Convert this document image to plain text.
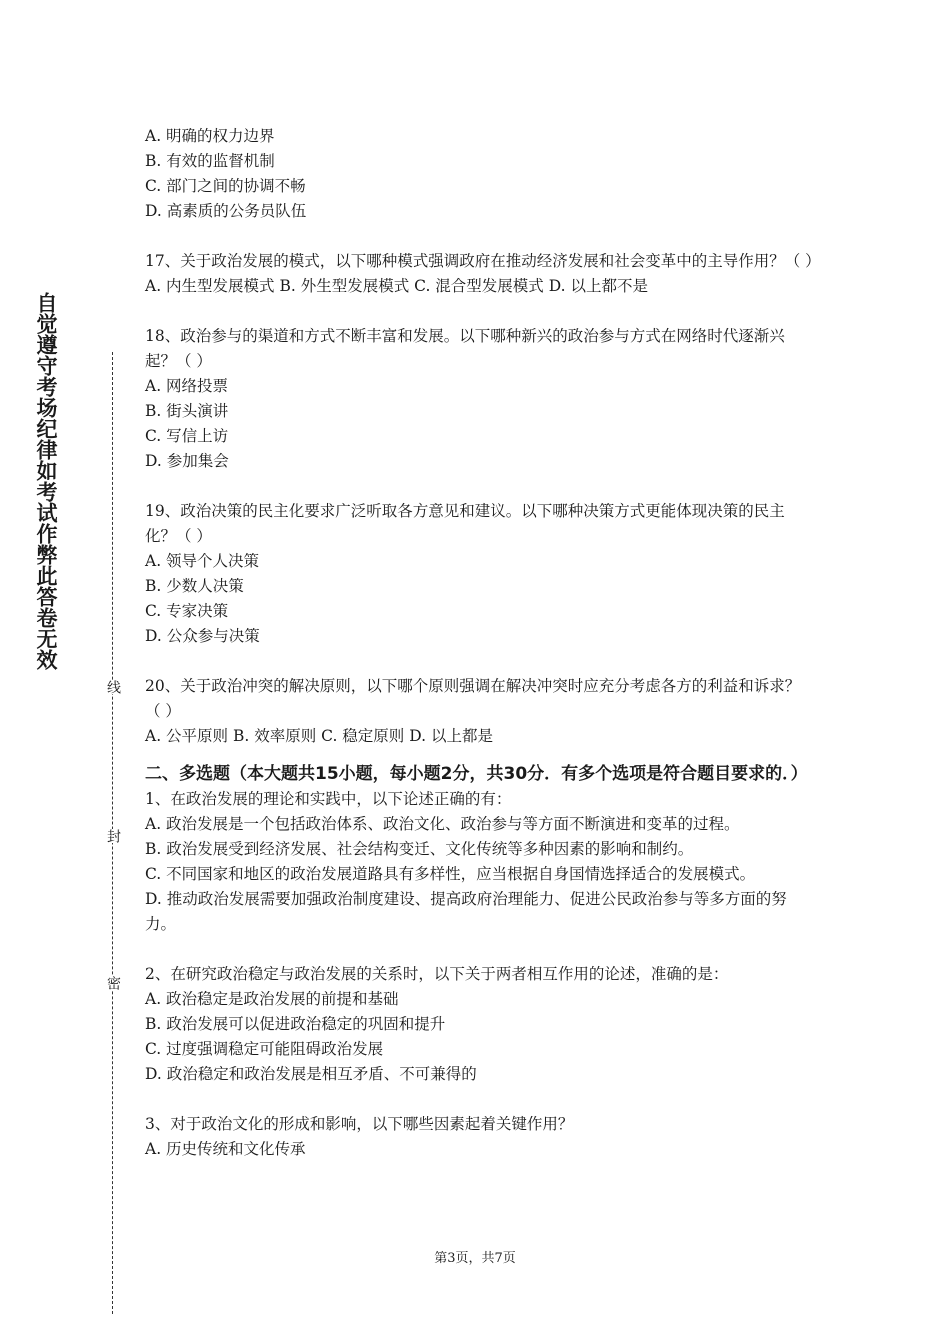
自觉遵守考场纪律如考试作弊此答卷无效
线
封
密
A. 明确的权力边界
B. 有效的监督机制
C. 部门之间的协调不畅
D. 高素质的公务员队伍
17、关于政治发展的模式，以下哪种模式强调政府在推动经济发展和社会变革中的主导作用？（ ）
A. 内生型发展模式 B. 外生型发展模式 C. 混合型发展模式 D. 以上都不是
18、政治参与的渠道和方式不断丰富和发展。以下哪种新兴的政治参与方式在网络时代逐渐兴起？（ ）
A. 网络投票
B. 街头演讲
C. 写信上访
D. 参加集会
19、政治决策的民主化要求广泛听取各方意见和建议。以下哪种决策方式更能体现决策的民主化？（ ）
A. 领导个人决策
B. 少数人决策
C. 专家决策
D. 公众参与决策
20、关于政治冲突的解决原则，以下哪个原则强调在解决冲突时应充分考虑各方的利益和诉求？（ ）
A. 公平原则 B. 效率原则 C. 稳定原则 D. 以上都是
二、多选题（本大题共15小题，每小题2分，共30分．有多个选项是符合题目要求的．）
1、在政治发展的理论和实践中，以下论述正确的有：
A. 政治发展是一个包括政治体系、政治文化、政治参与等方面不断演进和变革的过程。
B. 政治发展受到经济发展、社会结构变迁、文化传统等多种因素的影响和制约。
C. 不同国家和地区的政治发展道路具有多样性，应当根据自身国情选择适合的发展模式。
D. 推动政治发展需要加强政治制度建设、提高政府治理能力、促进公民政治参与等多方面的努力。
2、在研究政治稳定与政治发展的关系时，以下关于两者相互作用的论述，准确的是：
A. 政治稳定是政治发展的前提和基础
B. 政治发展可以促进政治稳定的巩固和提升
C. 过度强调稳定可能阻碍政治发展
D. 政治稳定和政治发展是相互矛盾、不可兼得的
3、对于政治文化的形成和影响，以下哪些因素起着关键作用？
A. 历史传统和文化传承
第3页，共7页
